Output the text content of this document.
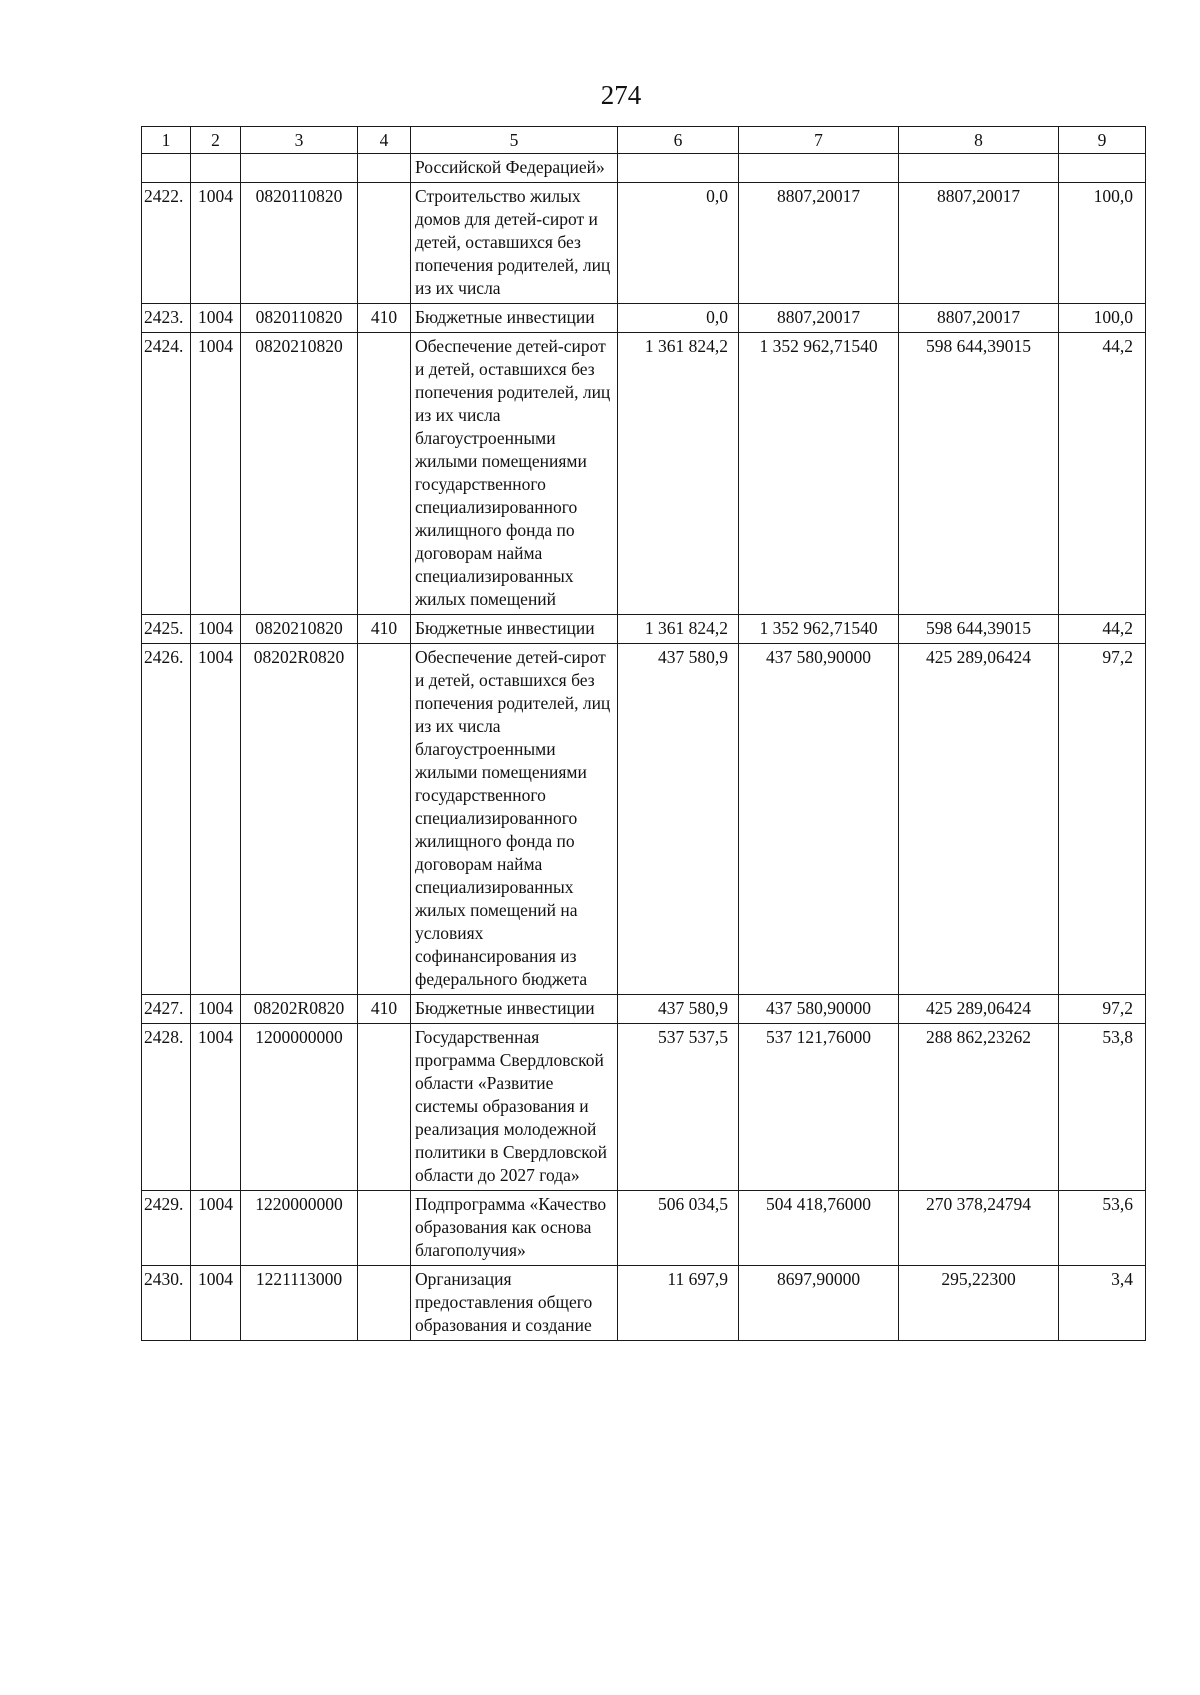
274
1	2	3	4	5	6	7	8	9
				Российской Федерацией»				
2422.	1004	0820110820		Строительство жилых домов для детей-сирот и детей, оставшихся без попечения родителей, лиц из их числа	0,0	8807,20017	8807,20017	100,0
2423.	1004	0820110820	410	Бюджетные инвестиции	0,0	8807,20017	8807,20017	100,0
2424.	1004	0820210820		Обеспечение детей-сирот и детей, оставшихся без попечения родителей, лиц из их числа благоустроенными жилыми помещениями государственного специализированного жилищного фонда по договорам найма специализированных жилых помещений	1 361 824,2	1 352 962,71540	598 644,39015	44,2
2425.	1004	0820210820	410	Бюджетные инвестиции	1 361 824,2	1 352 962,71540	598 644,39015	44,2
2426.	1004	08202R0820		Обеспечение детей-сирот и детей, оставшихся без попечения родителей, лиц из их числа благоустроенными жилыми помещениями государственного специализированного жилищного фонда по договорам найма специализированных жилых помещений на условиях софинансирования из федерального бюджета	437 580,9	437 580,90000	425 289,06424	97,2
2427.	1004	08202R0820	410	Бюджетные инвестиции	437 580,9	437 580,90000	425 289,06424	97,2
2428.	1004	1200000000		Государственная программа Свердловской области «Развитие системы образования и реализация молодежной политики в Свердловской области до 2027 года»	537 537,5	537 121,76000	288 862,23262	53,8
2429.	1004	1220000000		Подпрограмма «Качество образования как основа благополучия»	506 034,5	504 418,76000	270 378,24794	53,6
2430.	1004	1221113000		Организация предоставления общего образования и создание	11 697,9	8697,90000	295,22300	3,4
